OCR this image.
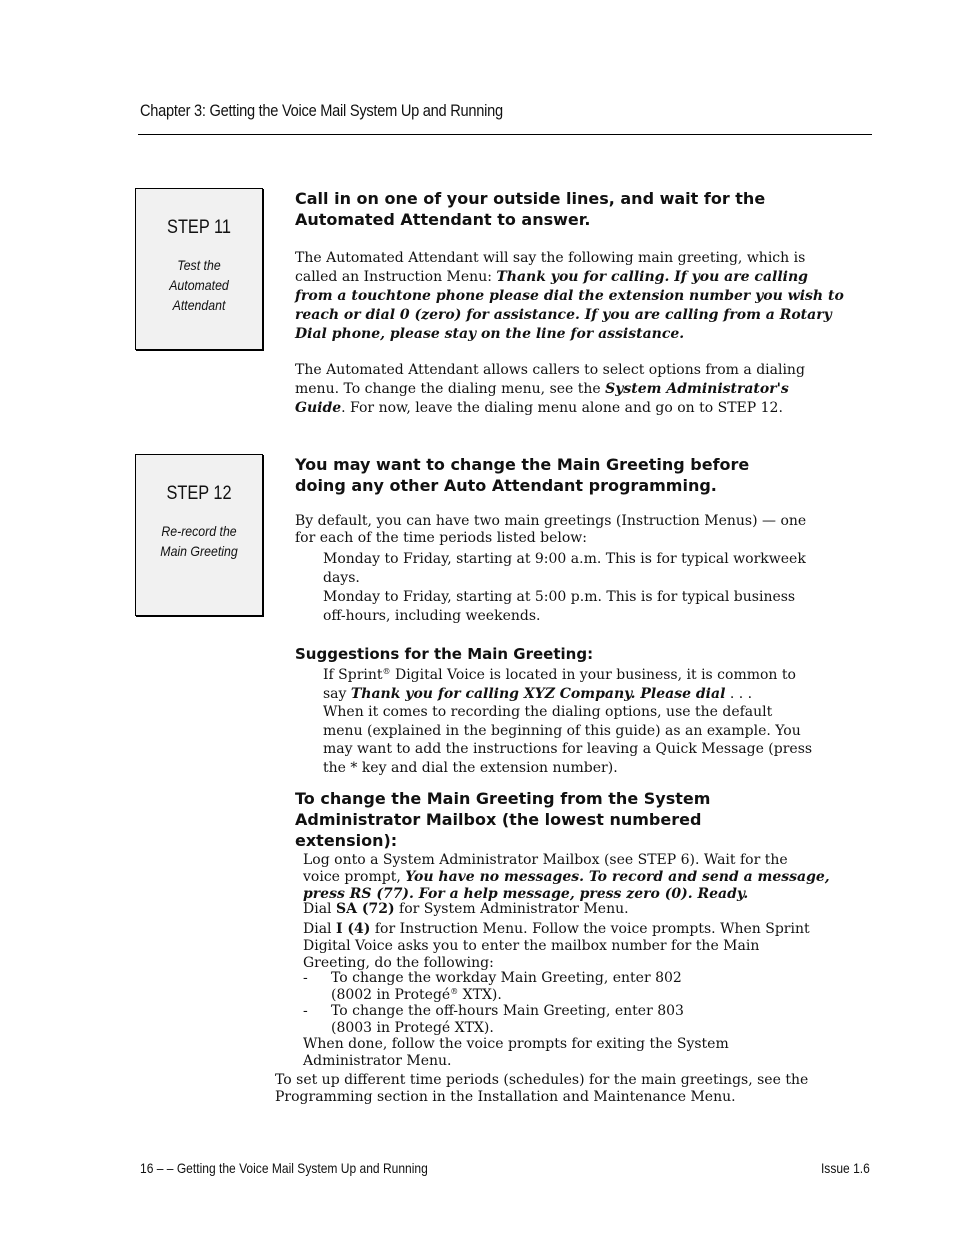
Chapter 3: Getting the Voice Mail System Up and Running
STEP 11
Test the
Automated
Attendant
Call in on one of your outside lines, and wait for the
Automated Attendant to answer.
The Automated Attendant will say the following main greeting, which is
called an Instruction Menu: Thank you for calling. If you are calling
from a touchtone phone please dial the extension number you wish to
reach or dial 0 (zero) for assistance. If you are calling from a Rotary
Dial phone, please stay on the line for assistance.
The Automated Attendant allows callers to select options from a dialing
menu. To change the dialing menu, see the System Administrator's
Guide. For now, leave the dialing menu alone and go on to STEP 12.
STEP 12
Re-record the
Main Greeting
You may want to change the Main Greeting before
doing any other Auto Attendant programming.
By default, you can have two main greetings (Instruction Menus) — one
for each of the time periods listed below:
Monday to Friday, starting at 9:00 a.m. This is for typical workweek
days.
Monday to Friday, starting at 5:00 p.m. This is for typical business
off-hours, including weekends.
Suggestions for the Main Greeting:
If Sprint® Digital Voice is located in your business, it is common to
say Thank you for calling XYZ Company. Please dial . . .
When it comes to recording the dialing options, use the default
menu (explained in the beginning of this guide) as an example. You
may want to add the instructions for leaving a Quick Message (press
the * key and dial the extension number).
To change the Main Greeting from the System
Administrator Mailbox (the lowest numbered
extension):
Log onto a System Administrator Mailbox (see STEP 6). Wait for the
voice prompt, You have no messages. To record and send a message,
press RS (77). For a help message, press zero (0). Ready.
Dial SA (72) for System Administrator Menu.
Dial I (4) for Instruction Menu. Follow the voice prompts. When Sprint
Digital Voice asks you to enter the mailbox number for the Main
Greeting, do the following:
- To change the workday Main Greeting, enter 802
(8002 in Protegé® XTX).
- To change the off-hours Main Greeting, enter 803
(8003 in Protegé XTX).
When done, follow the voice prompts for exiting the System
Administrator Menu.
To set up different time periods (schedules) for the main greetings, see the
Programming section in the Installation and Maintenance Menu.
16 – – Getting the Voice Mail System Up and Running	Issue 1.6
